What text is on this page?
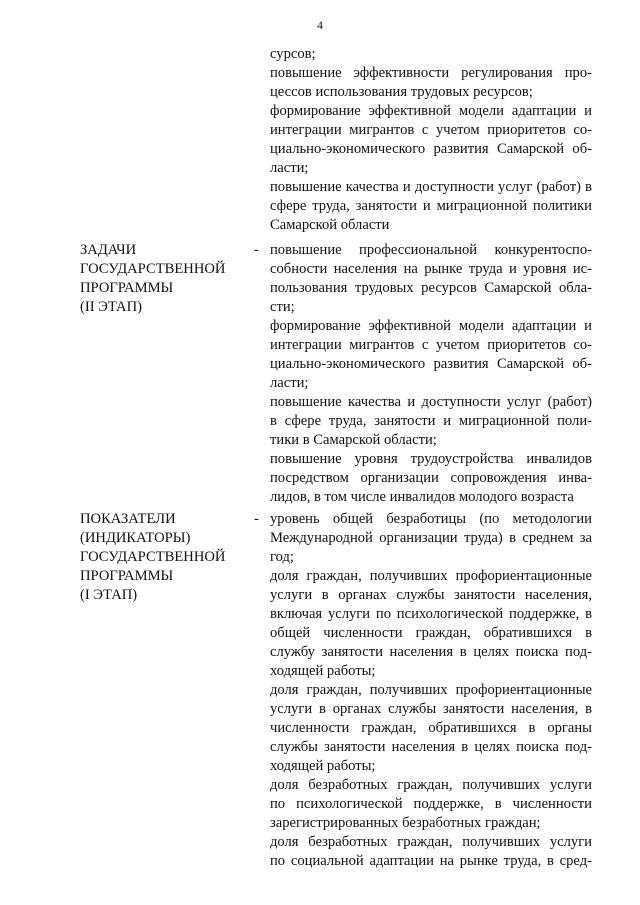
4
сурсов;
повышение эффективности регулирования про-
цессов использования трудовых ресурсов;
формирование эффективной модели адаптации и
интеграции мигрантов с учетом приоритетов со-
циально-экономического развития Самарской об-
ласти;
повышение качества и доступности услуг (работ) в
сфере труда, занятости и миграционной политики
Самарской области
ЗАДАЧИ
ГОСУДАРСТВЕННОЙ
ПРОГРАММЫ
(II ЭТАП)
- повышение профессиональной конкурентоспо-
собности населения на рынке труда и уровня ис-
пользования трудовых ресурсов Самарской обла-
сти;
формирование эффективной модели адаптации и
интеграции мигрантов с учетом приоритетов со-
циально-экономического развития Самарской об-
ласти;
повышение качества и доступности услуг (работ)
в сфере труда, занятости и миграционной поли-
тики в Самарской области;
повышение уровня трудоустройства инвалидов
посредством организации сопровождения инва-
лидов, в том числе инвалидов молодого возраста
ПОКАЗАТЕЛИ
(ИНДИКАТОРЫ)
ГОСУДАРСТВЕННОЙ
ПРОГРАММЫ
(I ЭТАП)
- уровень общей безработицы (по методологии
Международной организации труда) в среднем за
год;
доля граждан, получивших профориентационные
услуги в органах службы занятости населения,
включая услуги по психологической поддержке, в
общей численности граждан, обратившихся в
службу занятости населения в целях поиска под-
ходящей работы;
доля граждан, получивших профориентационные
услуги в органах службы занятости населения, в
численности граждан, обратившихся в органы
службы занятости населения в целях поиска под-
ходящей работы;
доля безработных граждан, получивших услуги
по психологической поддержке, в численности
зарегистрированных безработных граждан;
доля безработных граждан, получивших услуги
по социальной адаптации на рынке труда, в сред-
